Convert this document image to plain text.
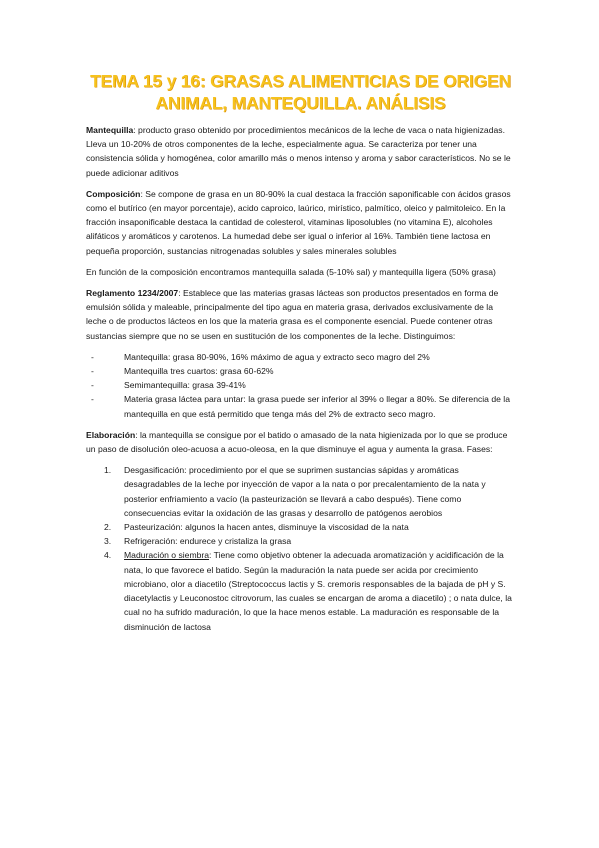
TEMA 15 y 16: GRASAS ALIMENTICIAS DE ORIGEN
ANIMAL, MANTEQUILLA. ANÁLISIS

Mantequilla: producto graso obtenido por procedimientos mecánicos de la leche de vaca o nata higienizadas. Lleva un 10-20% de otros componentes de la leche, especialmente agua. Se caracteriza por tener una consistencia sólida y homogénea, color amarillo más o menos intenso y aroma y sabor característicos. No se le puede adicionar aditivos

Composición: Se compone de grasa en un 80-90% la cual destaca la fracción saponificable con ácidos grasos como el butírico (en mayor porcentaje), acido caproico, laúrico, mirístico, palmítico, oleico y palmitoleico. En la fracción insaponificable destaca la cantidad de colesterol, vitaminas liposolubles (no vitamina E), alcoholes alifáticos y aromáticos y carotenos. La humedad debe ser igual o inferior al 16%. También tiene lactosa en pequeña proporción, sustancias nitrogenadas solubles y sales minerales solubles

En función de la composición encontramos mantequilla salada (5-10% sal) y mantequilla ligera (50% grasa)

Reglamento 1234/2007: Establece que las materias grasas lácteas son productos presentados en forma de emulsión sólida y maleable, principalmente del tipo agua en materia grasa, derivados exclusivamente de la leche o de productos lácteos en los que la materia grasa es el componente esencial. Puede contener otras sustancias siempre que no se usen en sustitución de los componentes de la leche. Distinguimos:

- Mantequilla: grasa 80-90%, 16% máximo de agua y extracto seco magro del 2%
- Mantequilla tres cuartos: grasa 60-62%
- Semimantequilla: grasa 39-41%
- Materia grasa láctea para untar: la grasa puede ser inferior al 39% o llegar a 80%. Se diferencia de la mantequilla en que está permitido que tenga más del 2% de extracto seco magro.

Elaboración: la mantequilla se consigue por el batido o amasado de la nata higienizada por lo que se produce un paso de disolución oleo-acuosa a acuo-oleosa, en la que disminuye el agua y aumenta la grasa. Fases:

1. Desgasificación: procedimiento por el que se suprimen sustancias sápidas y aromáticas desagradables de la leche por inyección de vapor a la nata o por precalentamiento de la nata y posterior enfriamiento a vacío (la pasteurización se llevará a cabo después). Tiene como consecuencias evitar la oxidación de las grasas y desarrollo de patógenos aerobios
2. Pasteurización: algunos la hacen antes, disminuye la viscosidad de la nata
3. Refrigeración: endurece y cristaliza la grasa
4. Maduración o siembra: Tiene como objetivo obtener la adecuada aromatización y acidificación de la nata, lo que favorece el batido. Según la maduración la nata puede ser acida por crecimiento microbiano, olor a diacetilo (Streptococcus lactis y S. cremoris responsables de la bajada de pH y S. diacetylactis y Leuconostoc citrovorum, las cuales se encargan de aroma a diacetilo) ; o nata dulce, la cual no ha sufrido maduración, lo que la hace menos estable. La maduración es responsable de la disminución de lactosa
